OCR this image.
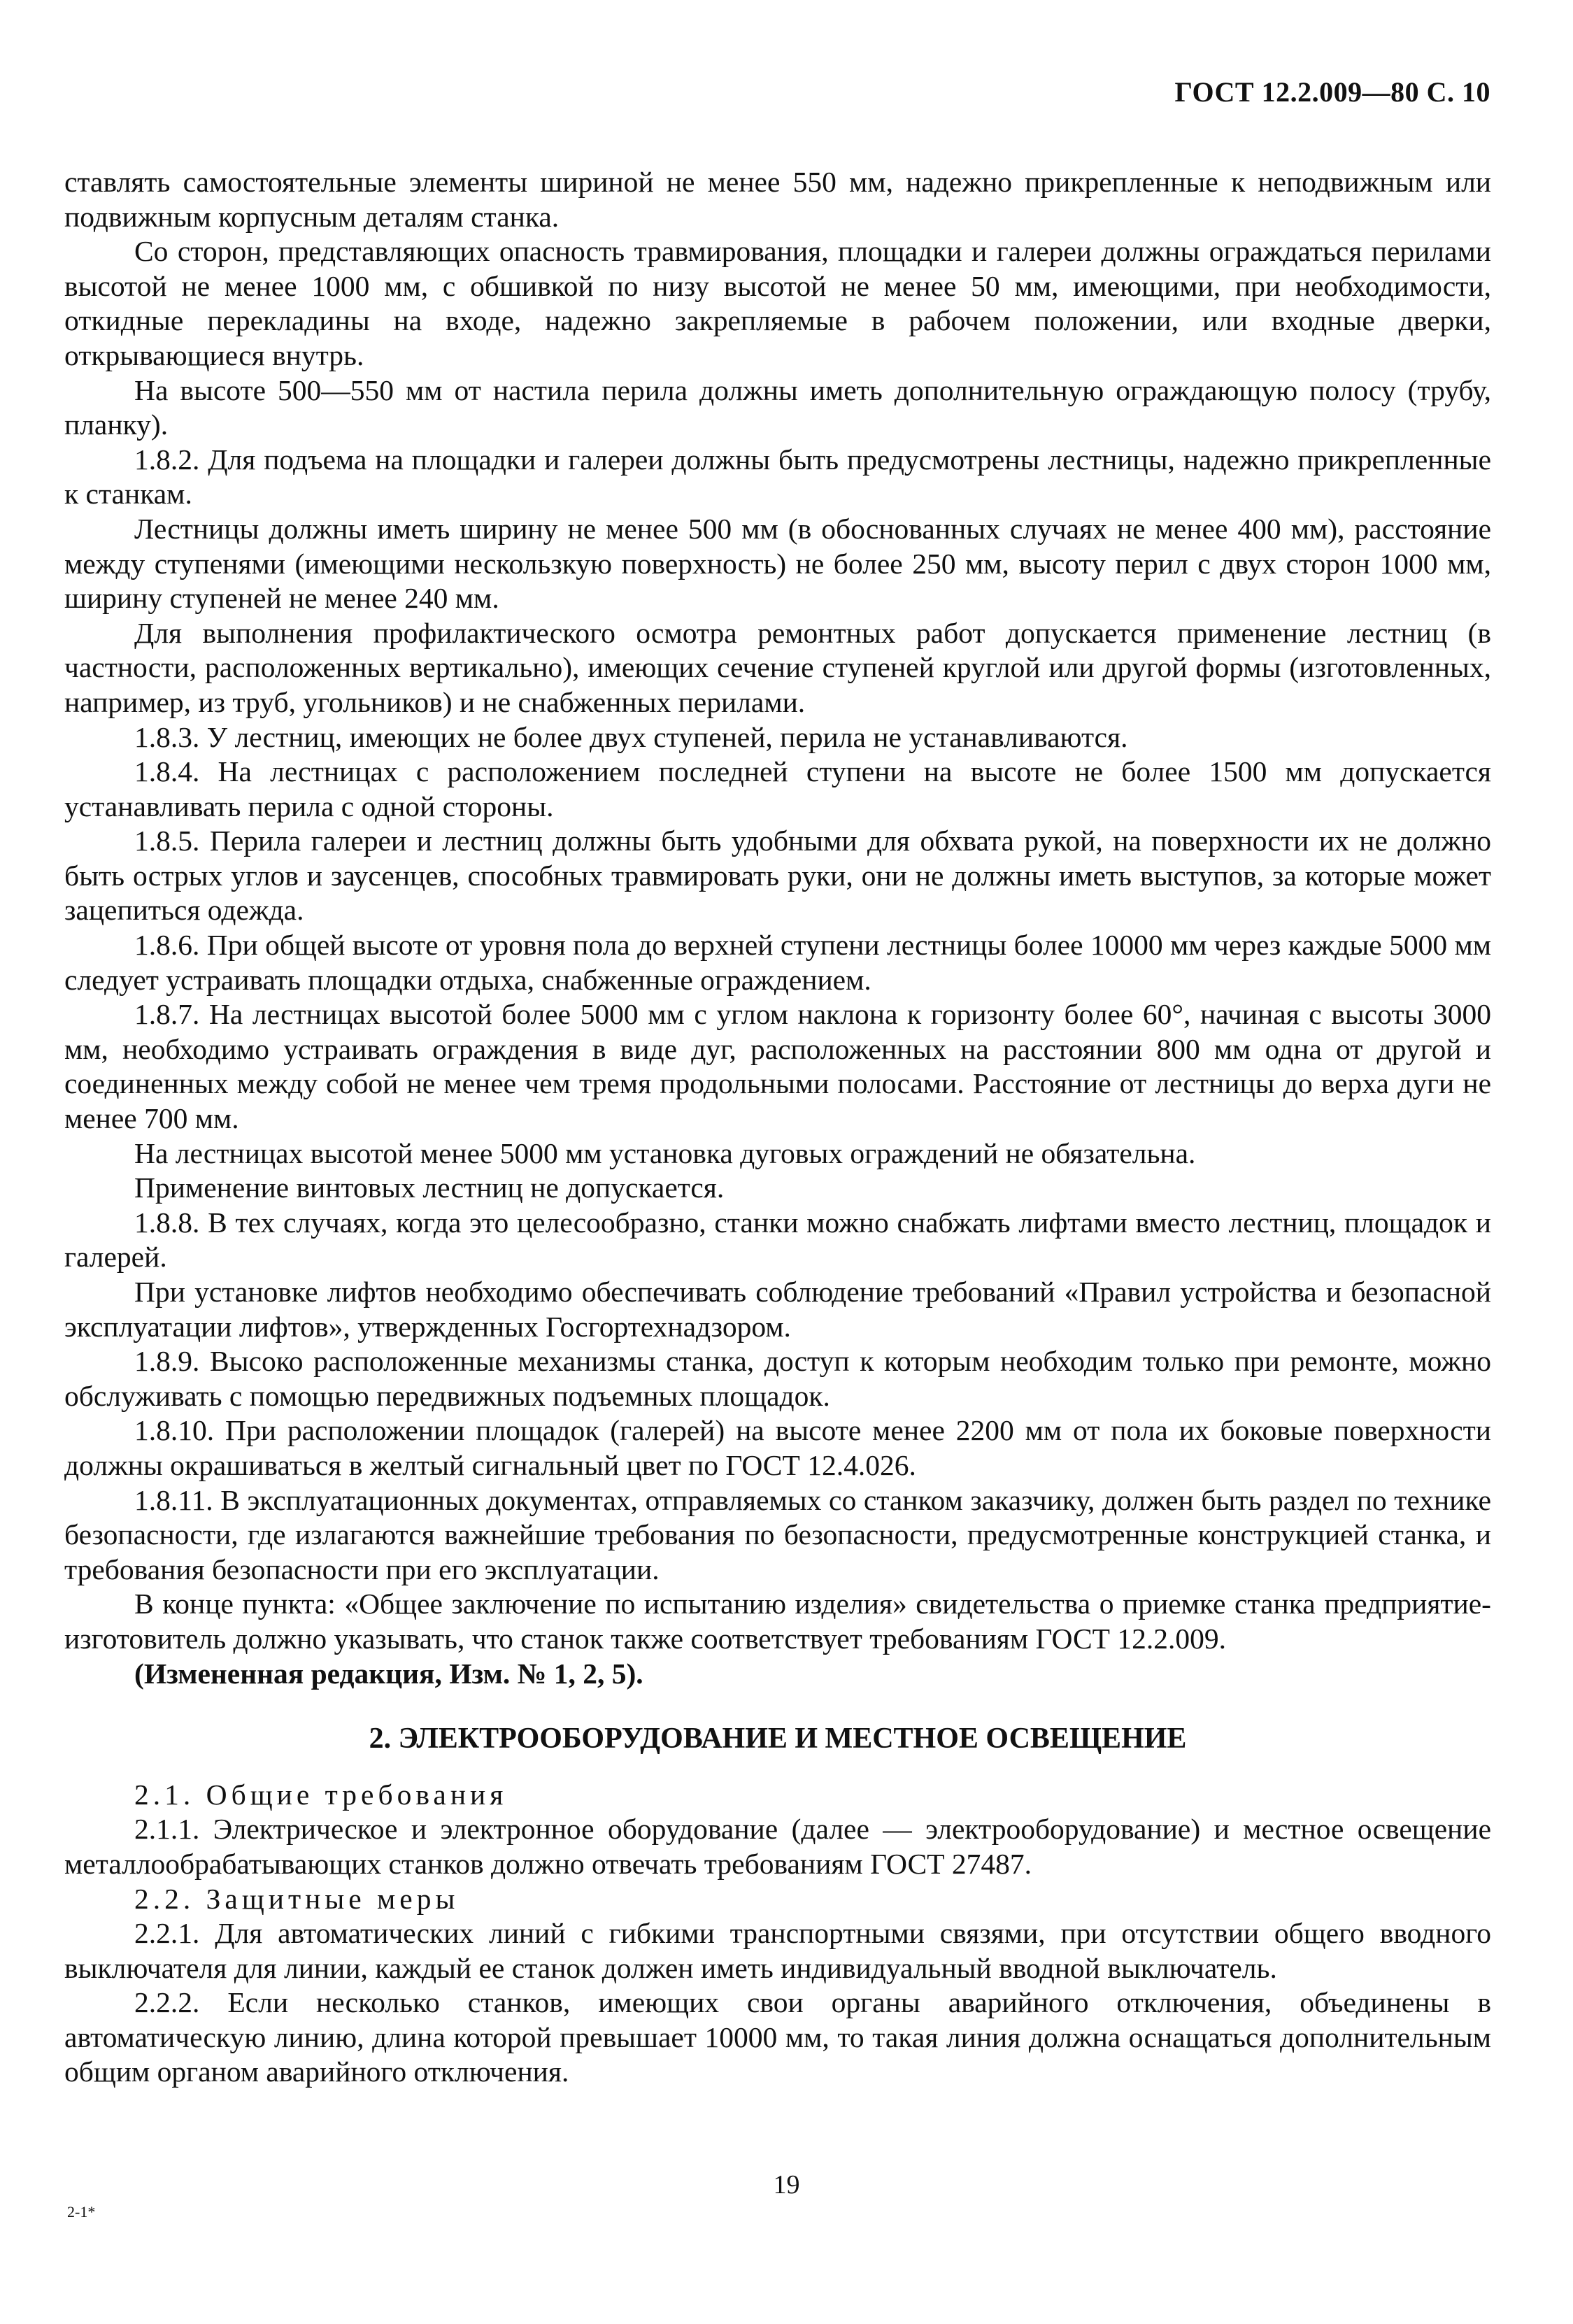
ГОСТ 12.2.009—80 С. 10

ставлять самостоятельные элементы шириной не менее 550 мм, надежно прикрепленные к неподвижным или подвижным корпусным деталям станка.

Со сторон, представляющих опасность травмирования, площадки и галереи должны ограждаться перилами высотой не менее 1000 мм, с обшивкой по низу высотой не менее 50 мм, имеющими, при необходимости, откидные перекладины на входе, надежно закрепляемые в рабочем положении, или входные дверки, открывающиеся внутрь.

На высоте 500—550 мм от настила перила должны иметь дополнительную ограждающую полосу (трубу, планку).

1.8.2. Для подъема на площадки и галереи должны быть предусмотрены лестницы, надежно прикрепленные к станкам.

Лестницы должны иметь ширину не менее 500 мм (в обоснованных случаях не менее 400 мм), расстояние между ступенями (имеющими нескользкую поверхность) не более 250 мм, высоту перил с двух сторон 1000 мм, ширину ступеней не менее 240 мм.

Для выполнения профилактического осмотра ремонтных работ допускается применение лестниц (в частности, расположенных вертикально), имеющих сечение ступеней круглой или другой формы (изготовленных, например, из труб, угольников) и не снабженных перилами.

1.8.3. У лестниц, имеющих не более двух ступеней, перила не устанавливаются.

1.8.4. На лестницах с расположением последней ступени на высоте не более 1500 мм допускается устанавливать перила с одной стороны.

1.8.5. Перила галереи и лестниц должны быть удобными для обхвата рукой, на поверхности их не должно быть острых углов и заусенцев, способных травмировать руки, они не должны иметь выступов, за которые может зацепиться одежда.

1.8.6. При общей высоте от уровня пола до верхней ступени лестницы более 10000 мм через каждые 5000 мм следует устраивать площадки отдыха, снабженные ограждением.

1.8.7. На лестницах высотой более 5000 мм с углом наклона к горизонту более 60°, начиная с высоты 3000 мм, необходимо устраивать ограждения в виде дуг, расположенных на расстоянии 800 мм одна от другой и соединенных между собой не менее чем тремя продольными полосами. Расстояние от лестницы до верха дуги не менее 700 мм.

На лестницах высотой менее 5000 мм установка дуговых ограждений не обязательна.

Применение винтовых лестниц не допускается.

1.8.8. В тех случаях, когда это целесообразно, станки можно снабжать лифтами вместо лестниц, площадок и галерей.

При установке лифтов необходимо обеспечивать соблюдение требований «Правил устройства и безопасной эксплуатации лифтов», утвержденных Госгортехнадзором.

1.8.9. Высоко расположенные механизмы станка, доступ к которым необходим только при ремонте, можно обслуживать с помощью передвижных подъемных площадок.

1.8.10. При расположении площадок (галерей) на высоте менее 2200 мм от пола их боковые поверхности должны окрашиваться в желтый сигнальный цвет по ГОСТ 12.4.026.

1.8.11. В эксплуатационных документах, отправляемых со станком заказчику, должен быть раздел по технике безопасности, где излагаются важнейшие требования по безопасности, предусмотренные конструкцией станка, и требования безопасности при его эксплуатации.

В конце пункта: «Общее заключение по испытанию изделия» свидетельства о приемке станка предприятие-изготовитель должно указывать, что станок также соответствует требованиям ГОСТ 12.2.009.

(Измененная редакция, Изм. № 1, 2, 5).

2. ЭЛЕКТРООБОРУДОВАНИЕ И МЕСТНОЕ ОСВЕЩЕНИЕ

2.1. Общие требования

2.1.1. Электрическое и электронное оборудование (далее — электрооборудование) и местное освещение металлообрабатывающих станков должно отвечать требованиям ГОСТ 27487.

2.2. Защитные меры

2.2.1. Для автоматических линий с гибкими транспортными связями, при отсутствии общего вводного выключателя для линии, каждый ее станок должен иметь индивидуальный вводной выключатель.

2.2.2. Если несколько станков, имеющих свои органы аварийного отключения, объединены в автоматическую линию, длина которой превышает 10000 мм, то такая линия должна оснащаться дополнительным общим органом аварийного отключения.

19
2-1*
